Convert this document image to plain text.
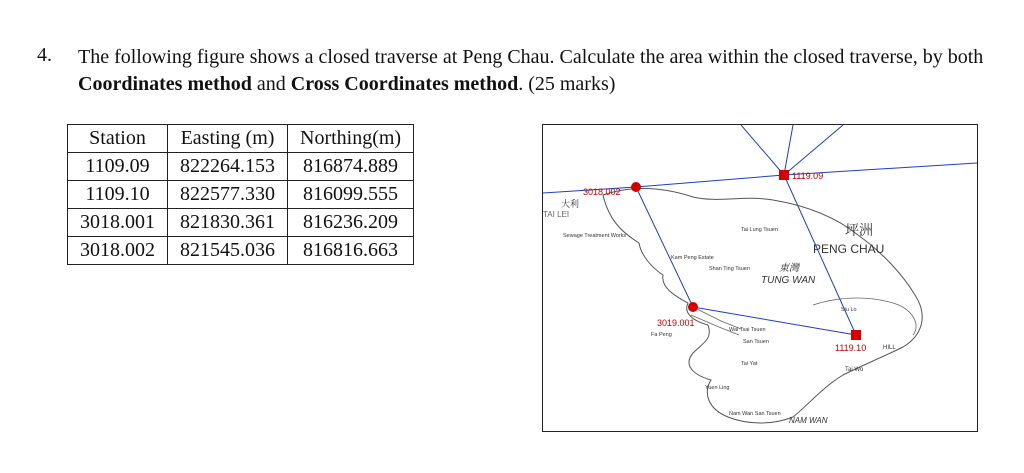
4. The following figure shows a closed traverse at Peng Chau. Calculate the area within the closed traverse, by both Coordinates method and Cross Coordinates method. (25 marks)
Station	Easting (m)	Northing(m)
1109.09	822264.153	816874.889
1109.10	822577.330	816099.555
3018.001	821830.361	816236.209
3018.002	821545.036	816816.663
1119.09
3018.002
3019.001
1119.10
大利
TAI LEI
Sewage Treatment Works
Tai Lung Tsuen	坪洲
PENG CHAU
Kam Peng Estate
Shan Ting Tsuen	東灣
TUNG WAN
Fa Peng
Wai Tsai Tsuen
San Tsuen
HILL
Tai Wo
Tai Yat
Siu Lo
Yuen Ling
Nam Wan San Tsuen
NAM WAN
